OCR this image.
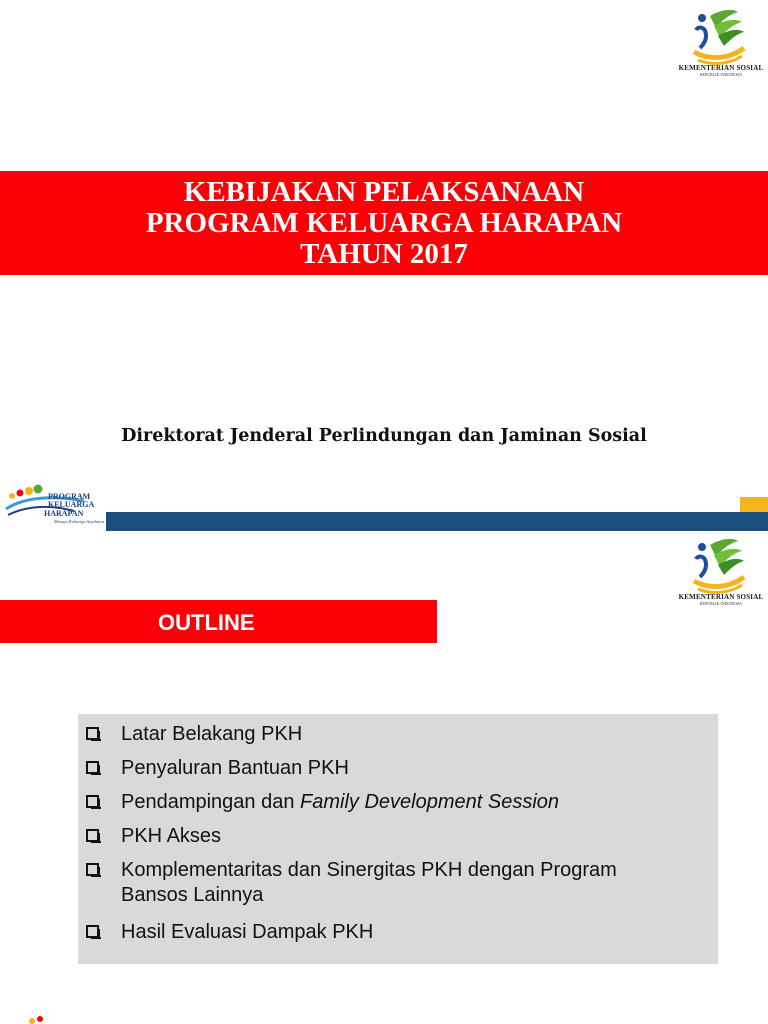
KEMENTERIAN SOSIAL
REPUBLIK INDONESIA
KEBIJAKAN PELAKSANAAN
PROGRAM KELUARGA HARAPAN
TAHUN 2017
Direktorat Jenderal Perlindungan dan Jaminan Sosial
PROGRAM
KELUARGA
HARAPAN
Menuju Keluarga Sejahtera
KEMENTERIAN SOSIAL
REPUBLIK INDONESIA
OUTLINE
Latar Belakang PKH
Penyaluran Bantuan PKH
Pendampingan dan Family Development Session
PKH Akses
Komplementaritas dan Sinergitas PKH dengan Program
Bansos Lainnya
Hasil Evaluasi Dampak PKH
